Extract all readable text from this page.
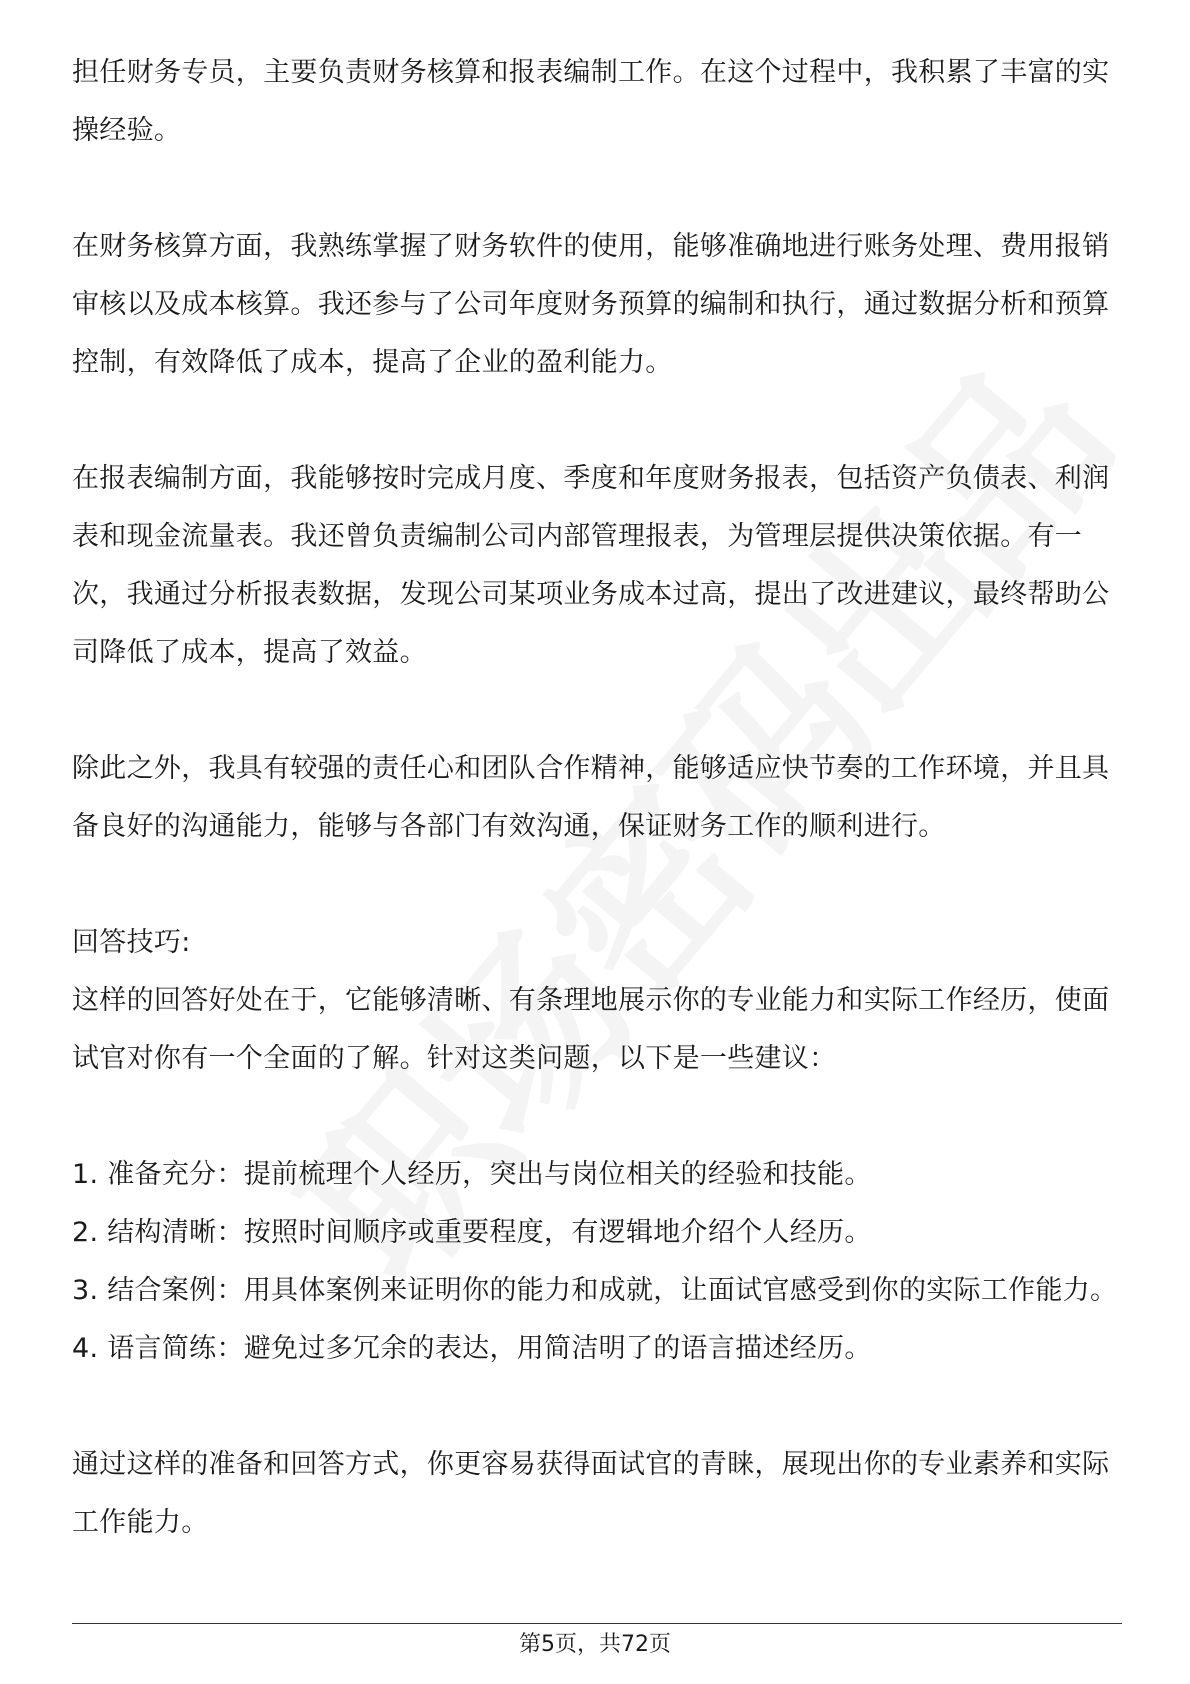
担任财务专员，主要负责财务核算和报表编制工作。在这个过程中，我积累了丰富的实操经验。

在财务核算方面，我熟练掌握了财务软件的使用，能够准确地进行账务处理、费用报销审核以及成本核算。我还参与了公司年度财务预算的编制和执行，通过数据分析和预算控制，有效降低了成本，提高了企业的盈利能力。

在报表编制方面，我能够按时完成月度、季度和年度财务报表，包括资产负债表、利润表和现金流量表。我还曾负责编制公司内部管理报表，为管理层提供决策依据。有一次，我通过分析报表数据，发现公司某项业务成本过高，提出了改进建议，最终帮助公司降低了成本，提高了效益。

除此之外，我具有较强的责任心和团队合作精神，能够适应快节奏的工作环境，并且具备良好的沟通能力，能够与各部门有效沟通，保证财务工作的顺利进行。

回答技巧:

这样的回答好处在于，它能够清晰、有条理地展示你的专业能力和实际工作经历，使面试官对你有一个全面的了解。针对这类问题，以下是一些建议：

1. 准备充分：提前梳理个人经历，突出与岗位相关的经验和技能。

2. 结构清晰：按照时间顺序或重要程度，有逻辑地介绍个人经历。

3. 结合案例：用具体案例来证明你的能力和成就，让面试官感受到你的实际工作能力。

4. 语言简练：避免过多冗余的表达，用简洁明了的语言描述经历。

通过这样的准备和回答方式，你更容易获得面试官的青睐，展现出你的专业素养和实际工作能力。

第5页，共72页
